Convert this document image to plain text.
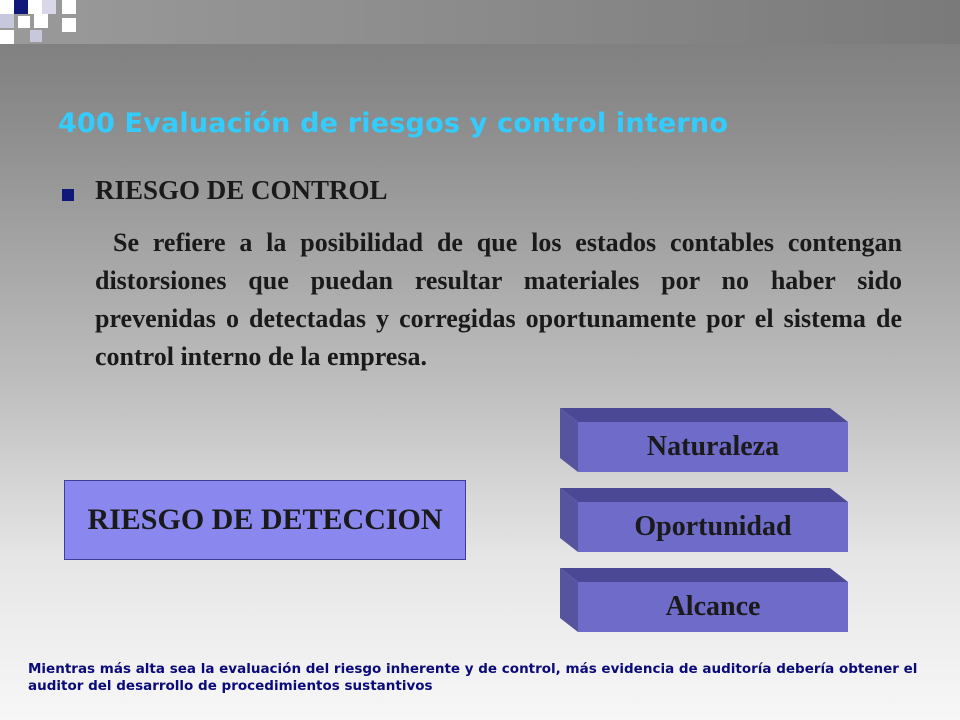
400 Evaluación de riesgos y control interno
RIESGO DE CONTROL

Se refiere a la posibilidad de que los estados contables contengan distorsiones que puedan resultar materiales por no haber sido prevenidas o detectadas y corregidas oportunamente por el sistema de control interno de la empresa.

Naturaleza
Oportunidad
Alcance
RIESGO DE DETECCION

Mientras más alta sea la evaluación del riesgo inherente y de control, más evidencia de auditoría debería obtener el auditor del desarrollo de procedimientos sustantivos
